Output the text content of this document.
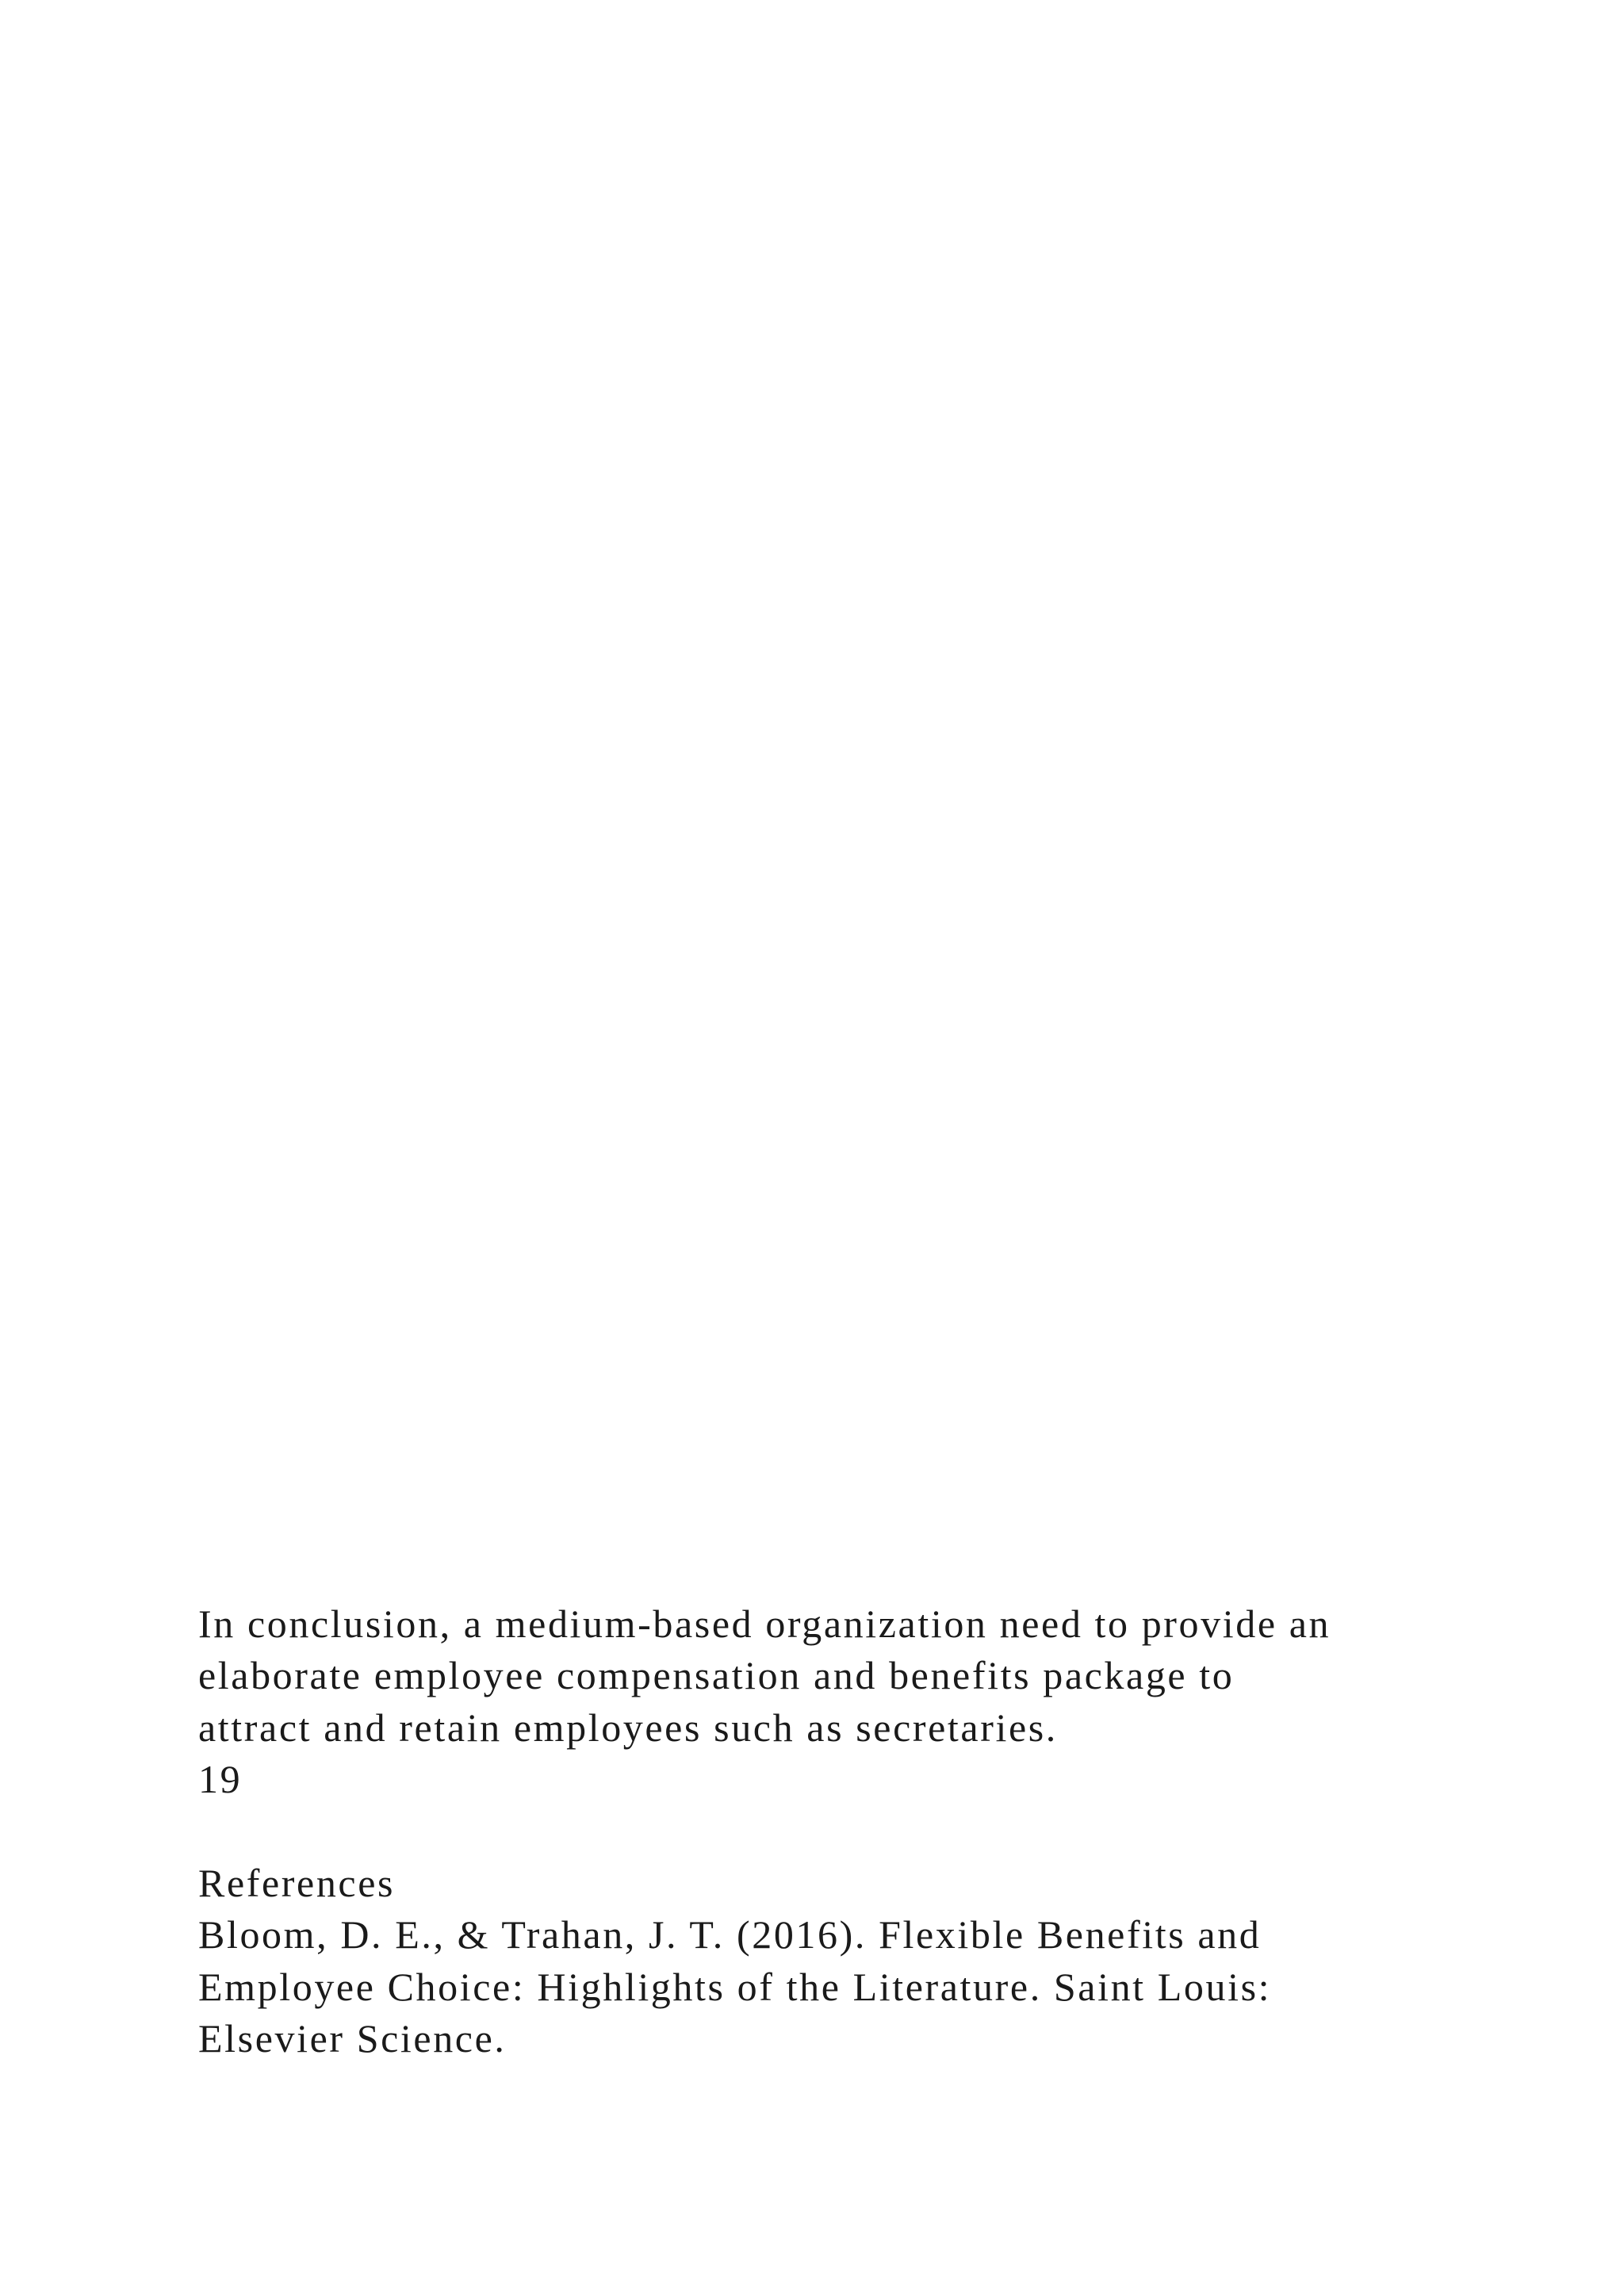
In conclusion, a medium-based organization need to provide an
elaborate employee compensation and benefits package to
attract and retain employees such as secretaries.
19
References
Bloom, D. E., & Trahan, J. T. (2016). Flexible Benefits and
Employee Choice: Highlights of the Literature. Saint Louis:
Elsevier Science.
